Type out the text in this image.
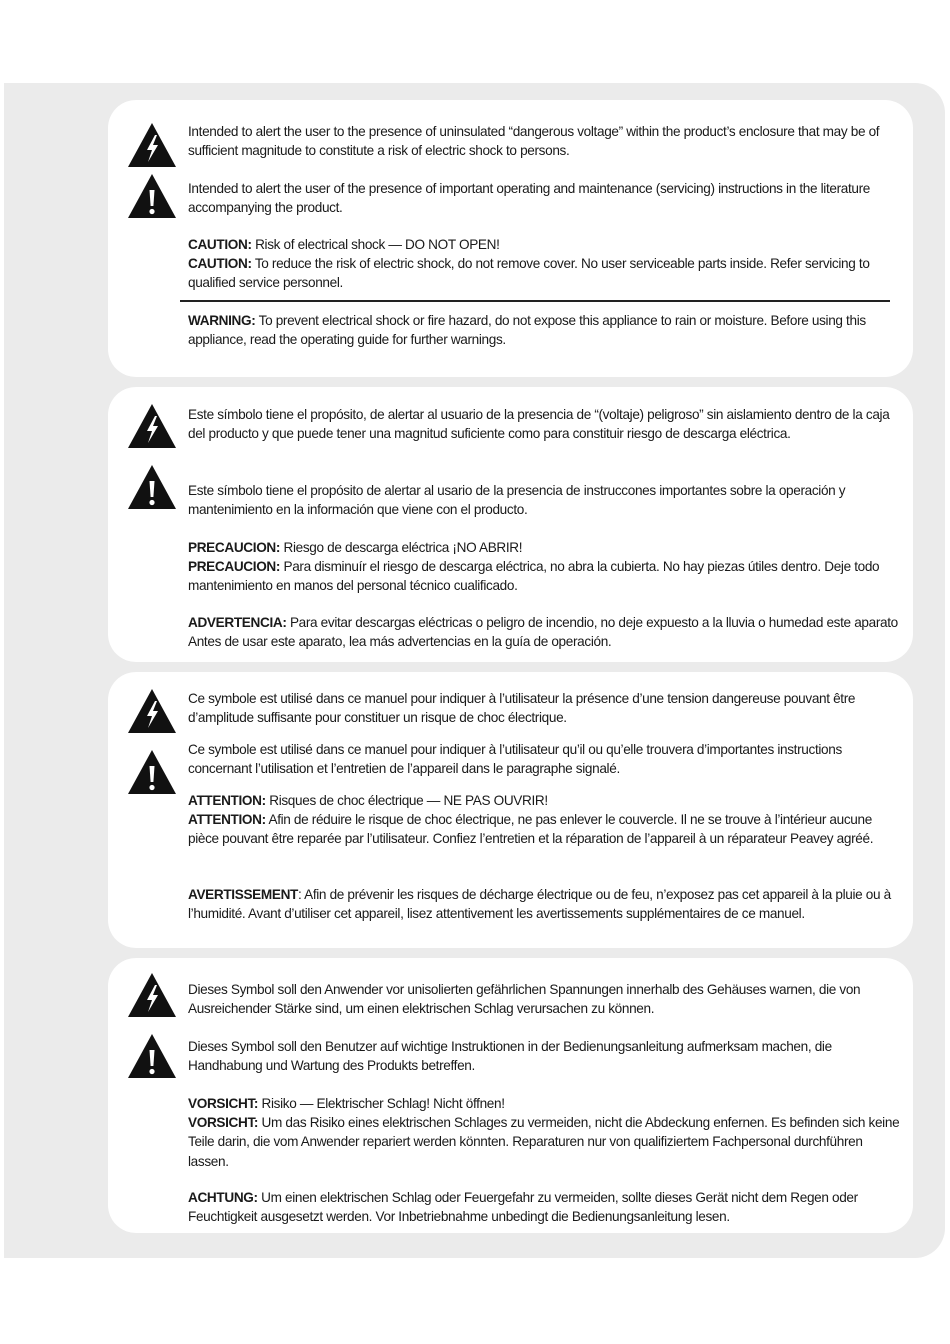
Intended to alert the user to the presence of uninsulated “dangerous voltage” within the product’s enclosure that may be of sufficient magnitude to constitute a risk of electric shock to persons.

Intended to alert the user of the presence of important operating and maintenance (servicing) instructions in the literature accompanying the product.

CAUTION: Risk of electrical shock — DO NOT OPEN!

CAUTION: To reduce the risk of electric shock, do not remove cover. No user serviceable parts inside. Refer servicing to qualified service personnel.

WARNING: To prevent electrical shock or fire hazard, do not expose this appliance to rain or moisture. Before using this appliance, read the operating guide for further warnings.

Este símbolo tiene el propósito, de alertar al usuario de la presencia de “(voltaje) peligroso” sin aislamiento dentro de la caja del producto y que puede tener una magnitud suficiente como para constituir riesgo de descarga eléctrica.

Este símbolo tiene el propósito de alertar al usario de la presencia de instruccones importantes sobre la operación y mantenimiento en la información que viene con el producto.

PRECAUCION: Riesgo de descarga eléctrica ¡NO ABRIR!

PRECAUCION: Para disminuír el riesgo de descarga eléctrica, no abra la cubierta. No hay piezas útiles dentro. Deje todo mantenimiento en manos del personal técnico cualificado.

ADVERTENCIA: Para evitar descargas eléctricas o peligro de incendio, no deje expuesto a la lluvia o humedad este aparato Antes de usar este aparato, lea más advertencias en la guía de operación.

Ce symbole est utilisé dans ce manuel pour indiquer à l’utilisateur la présence d’une tension dangereuse pouvant être d’amplitude suffisante pour constituer un risque de choc électrique.

Ce symbole est utilisé dans ce manuel pour indiquer à l’utilisateur qu’il ou qu’elle trouvera d’importantes instructions concernant l’utilisation et l’entretien de l’appareil dans le paragraphe signalé.

ATTENTION: Risques de choc électrique — NE PAS OUVRIR!

ATTENTION: Afin de réduire le risque de choc électrique, ne pas enlever le couvercle. Il ne se trouve à l’intérieur aucune pièce pouvant être reparée par l’utilisateur. Confiez l’entretien et la réparation de l’appareil à un réparateur Peavey agréé.

AVERTISSEMENT: Afin de prévenir les risques de décharge électrique ou de feu, n’exposez pas cet appareil à la pluie ou à l’humidité. Avant d’utiliser cet appareil, lisez attentivement les avertissements supplémentaires de ce manuel.

Dieses Symbol soll den Anwender vor unisolierten gefährlichen Spannungen innerhalb des Gehäuses warnen, die von Ausreichender Stärke sind, um einen elektrischen Schlag verursachen zu können.

Dieses Symbol soll den Benutzer auf wichtige Instruktionen in der Bedienungsanleitung aufmerksam machen, die Handhabung und Wartung des Produkts betreffen.

VORSICHT: Risiko — Elektrischer Schlag! Nicht öffnen!

VORSICHT: Um das Risiko eines elektrischen Schlages zu vermeiden, nicht die Abdeckung enfernen. Es befinden sich keine Teile darin, die vom Anwender repariert werden könnten. Reparaturen nur von qualifiziertem Fachpersonal durchführen lassen.

ACHTUNG: Um einen elektrischen Schlag oder Feuergefahr zu vermeiden, sollte dieses Gerät nicht dem Regen oder Feuchtigkeit ausgesetzt werden. Vor Inbetriebnahme unbedingt die Bedienungsanleitung lesen.
